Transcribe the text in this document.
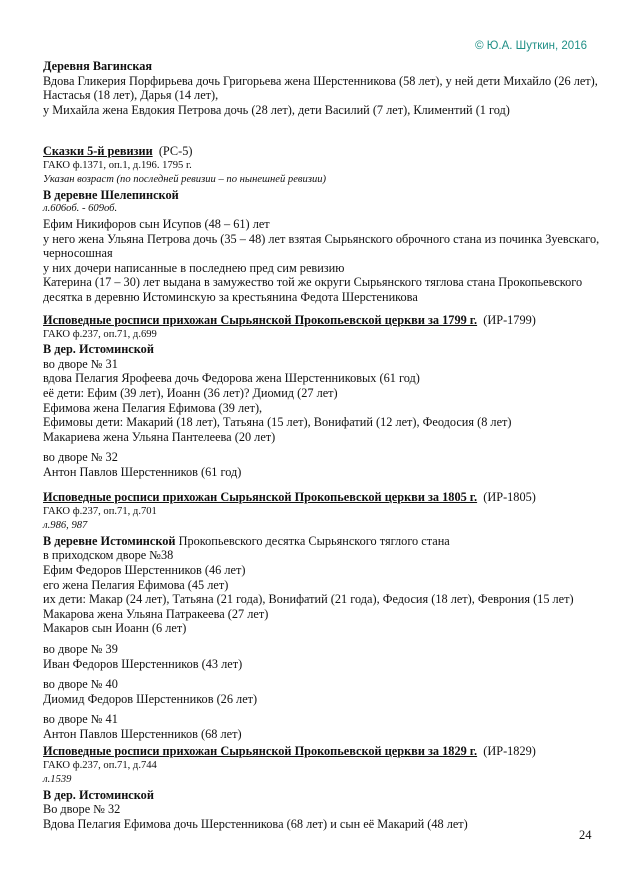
© Ю.А. Шуткин, 2016
Деревня Вагинская
Вдова Гликерия Порфирьева дочь Григорьева жена Шерстенникова (58 лет), у ней дети Михайло (26 лет),
Настасья (18 лет), Дарья (14 лет),
у Михайла жена Евдокия Петрова дочь (28 лет), дети Василий (7 лет), Климентий (1 год)
Сказки 5-й ревизии (РС-5)
ГАКО ф.1371, оп.1, д.196. 1795 г.
Указан возраст (по последней ревизии – по нынешней ревизии)
В деревне Шелепинской
л.606об. - 609об.
Ефим Никифоров сын Исупов (48 – 61) лет
у него жена Ульяна Петрова дочь (35 – 48) лет взятая Сырьянского оброчного стана из починка Зуевскаго,
черносошная
у них дочери написанные в последнею пред сим ревизию
Катерина (17 – 30) лет выдана в замужество той же округи Сырьянского тяглова стана Прокопьевского
десятка в деревню Истоминскую за крестьянина Федота Шерстеникова
Исповедные росписи прихожан Сырьянской Прокопьевской церкви за 1799 г. (ИР-1799)
ГАКО ф.237, оп.71, д.699
В дер. Истоминской
во дворе № 31
вдова Пелагия Ярофеева дочь Федорова жена Шерстенниковых (61 год)
её дети: Ефим (39 лет), Иоанн (36 лет)? Диомид (27 лет)
Ефимова жена Пелагия Ефимова (39 лет),
Ефимовы дети: Макарий (18 лет), Татьяна (15 лет), Вонифатий (12 лет), Феодосия (8 лет)
Макариева жена Ульяна Пантелеева (20 лет)
во дворе № 32
Антон Павлов Шерстенников (61 год)
Исповедные росписи прихожан Сырьянской Прокопьевской церкви за 1805 г. (ИР-1805)
ГАКО ф.237, оп.71, д.701
л.986, 987
В деревне Истоминской Прокопьевского десятка Сырьянского тяглого стана
в приходском дворе №38
Ефим Федоров Шерстенников (46 лет)
его жена Пелагия Ефимова (45 лет)
их дети: Макар (24 лет), Татьяна (21 года), Вонифатий (21 года), Федосия (18 лет), Феврония (15 лет)
Макарова жена Ульяна Патракеева (27 лет)
Макаров сын Иоанн (6 лет)
во дворе № 39
Иван Федоров Шерстенников (43 лет)
во дворе № 40
Диомид Федоров Шерстенников (26 лет)
во дворе № 41
Антон Павлов Шерстенников (68 лет)
Исповедные росписи прихожан Сырьянской Прокопьевской церкви за 1829 г. (ИР-1829)
ГАКО ф.237, оп.71, д.744
л.1539
В дер. Истоминской
Во дворе № 32
Вдова Пелагия Ефимова дочь Шерстенникова (68 лет) и сын её Макарий (48 лет)
24
